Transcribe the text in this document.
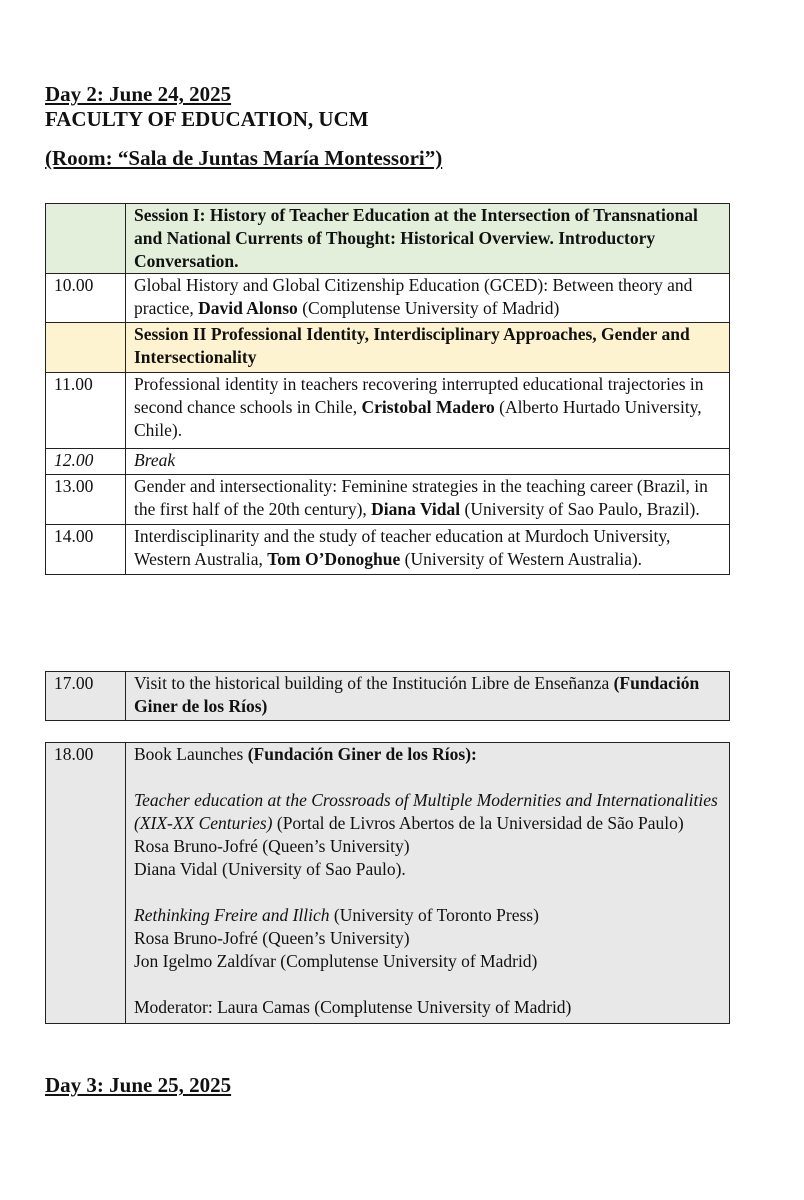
Day 2: June 24, 2025
FACULTY OF EDUCATION, UCM
(Room: “Sala de Juntas María Montessori”)
	Session I: History of Teacher Education at the Intersection of Transnational and National Currents of Thought: Historical Overview. Introductory Conversation.
10.00	Global History and Global Citizenship Education (GCED): Between theory and practice, David Alonso (Complutense University of Madrid)
	Session II Professional Identity, Interdisciplinary Approaches, Gender and Intersectionality
11.00	Professional identity in teachers recovering interrupted educational trajectories in second chance schools in Chile, Cristobal Madero (Alberto Hurtado University, Chile).
12.00	Break
13.00	Gender and intersectionality: Feminine strategies in the teaching career (Brazil, in the first half of the 20th century), Diana Vidal (University of Sao Paulo, Brazil).
14.00	Interdisciplinarity and the study of teacher education at Murdoch University, Western Australia, Tom O’Donoghue (University of Western Australia).
17.00	Visit to the historical building of the Institución Libre de Enseñanza (Fundación Giner de los Ríos)
18.00	Book Launches (Fundación Giner de los Ríos):
Teacher education at the Crossroads of Multiple Modernities and Internationalities (XIX-XX Centuries) (Portal de Livros Abertos de la Universidad de São Paulo)
Rosa Bruno-Jofré (Queen’s University)
Diana Vidal (University of Sao Paulo).
Rethinking Freire and Illich (University of Toronto Press)
Rosa Bruno-Jofré (Queen’s University)
Jon Igelmo Zaldívar (Complutense University of Madrid)
Moderator: Laura Camas (Complutense University of Madrid)
Day 3: June 25, 2025
